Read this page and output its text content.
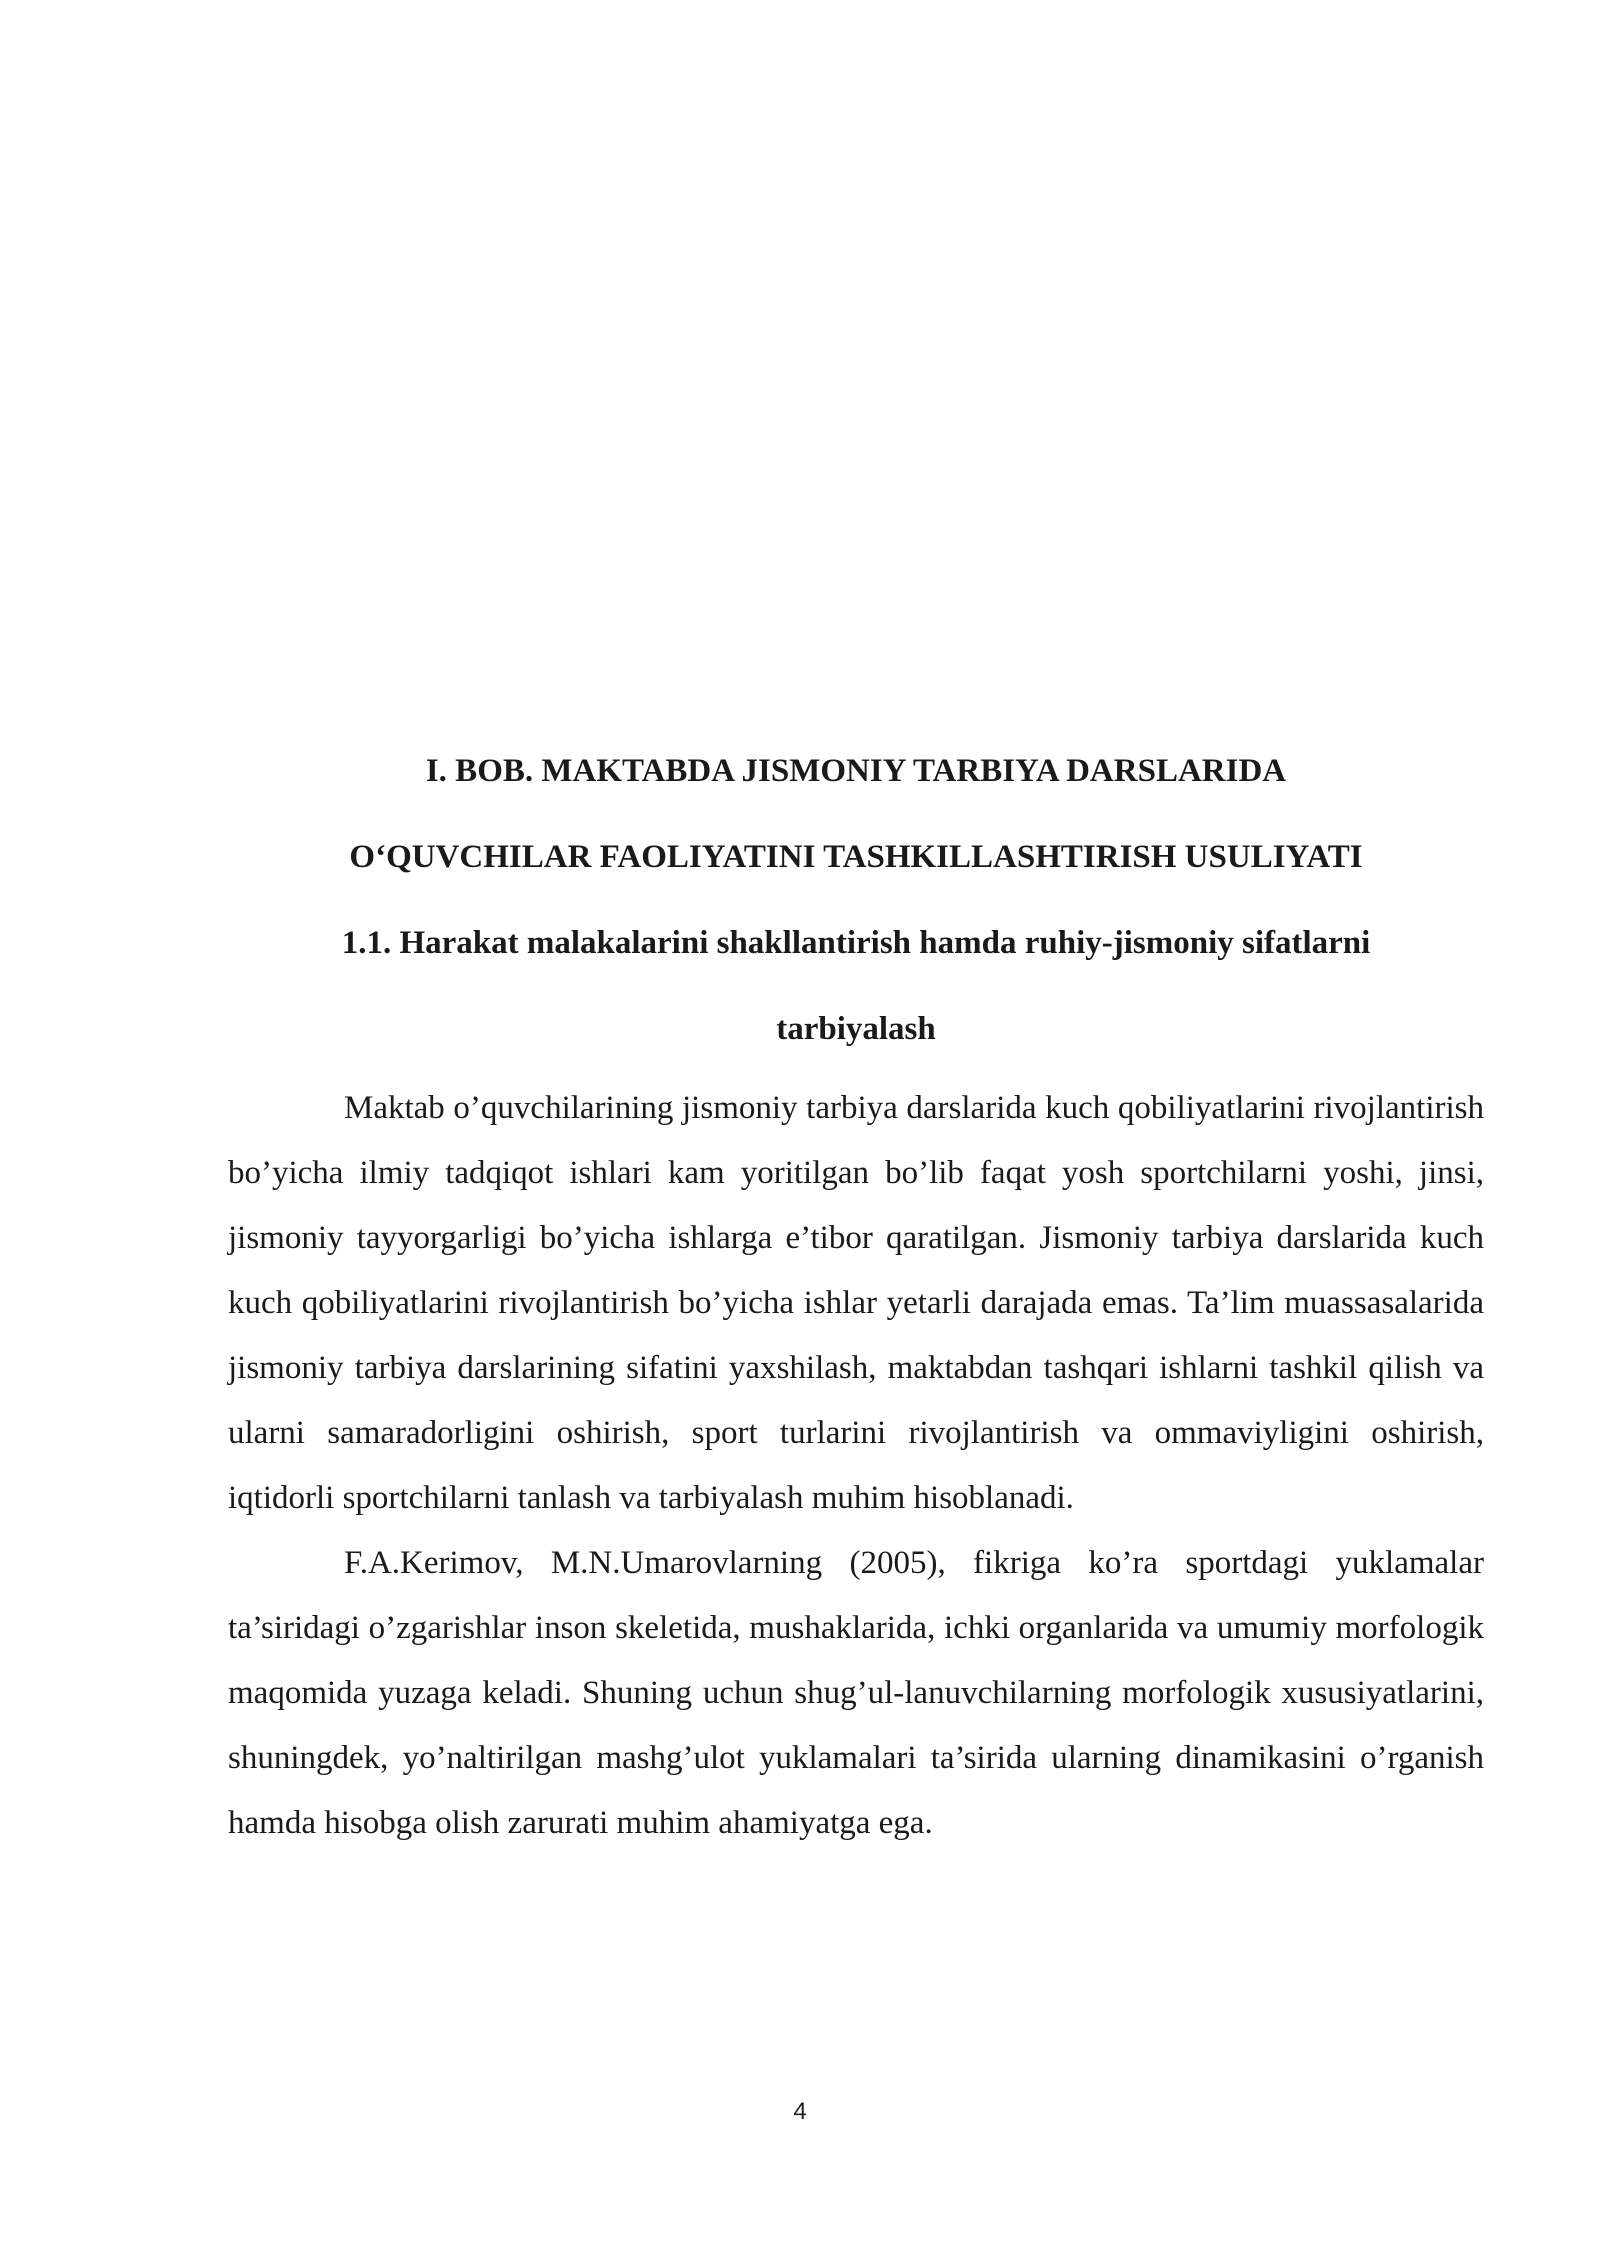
I. BOB. MAKTABDA JISMONIY TARBIYA DARSLARIDA

O‘QUVCHILAR FAOLIYATINI TASHKILLASHTIRISH USULIYATI

1.1. Harakat malakalarini shakllantirish hamda ruhiy-jismoniy sifatlarni

tarbiyalash

Maktab o’quvchilarining jismoniy tarbiya darslarida kuch qobiliyatlarini rivojlantirish bo’yicha ilmiy tadqiqot ishlari kam yoritilgan bo’lib faqat yosh sportchilarni yoshi, jinsi, jismoniy tayyorgarligi bo’yicha ishlarga e’tibor qaratilgan. Jismoniy tarbiya darslarida kuch kuch qobiliyatlarini rivojlantirish bo’yicha ishlar yetarli darajada emas. Ta’lim muassasalarida jismoniy tarbiya darslarining sifatini yaxshilash, maktabdan tashqari ishlarni tashkil qilish va ularni samaradorligini oshirish, sport turlarini rivojlantirish va ommaviyligini oshirish, iqtidorli sportchilarni tanlash va tarbiyalash muhim hisoblanadi.

F.A.Kerimov, M.N.Umarovlarning (2005), fikriga ko’ra sportdagi yuklamalar ta’siridagi o’zgarishlar inson skeletida, mushaklarida, ichki organlarida va umumiy morfologik maqomida yuzaga keladi. Shuning uchun shug’ul-lanuvchilarning morfologik xususiyatlarini, shuningdek, yo’naltirilgan mashg’ulot yuklamalari ta’sirida ularning dinamikasini o’rganish hamda hisobga olish zarurati muhim ahamiyatga ega.

4
